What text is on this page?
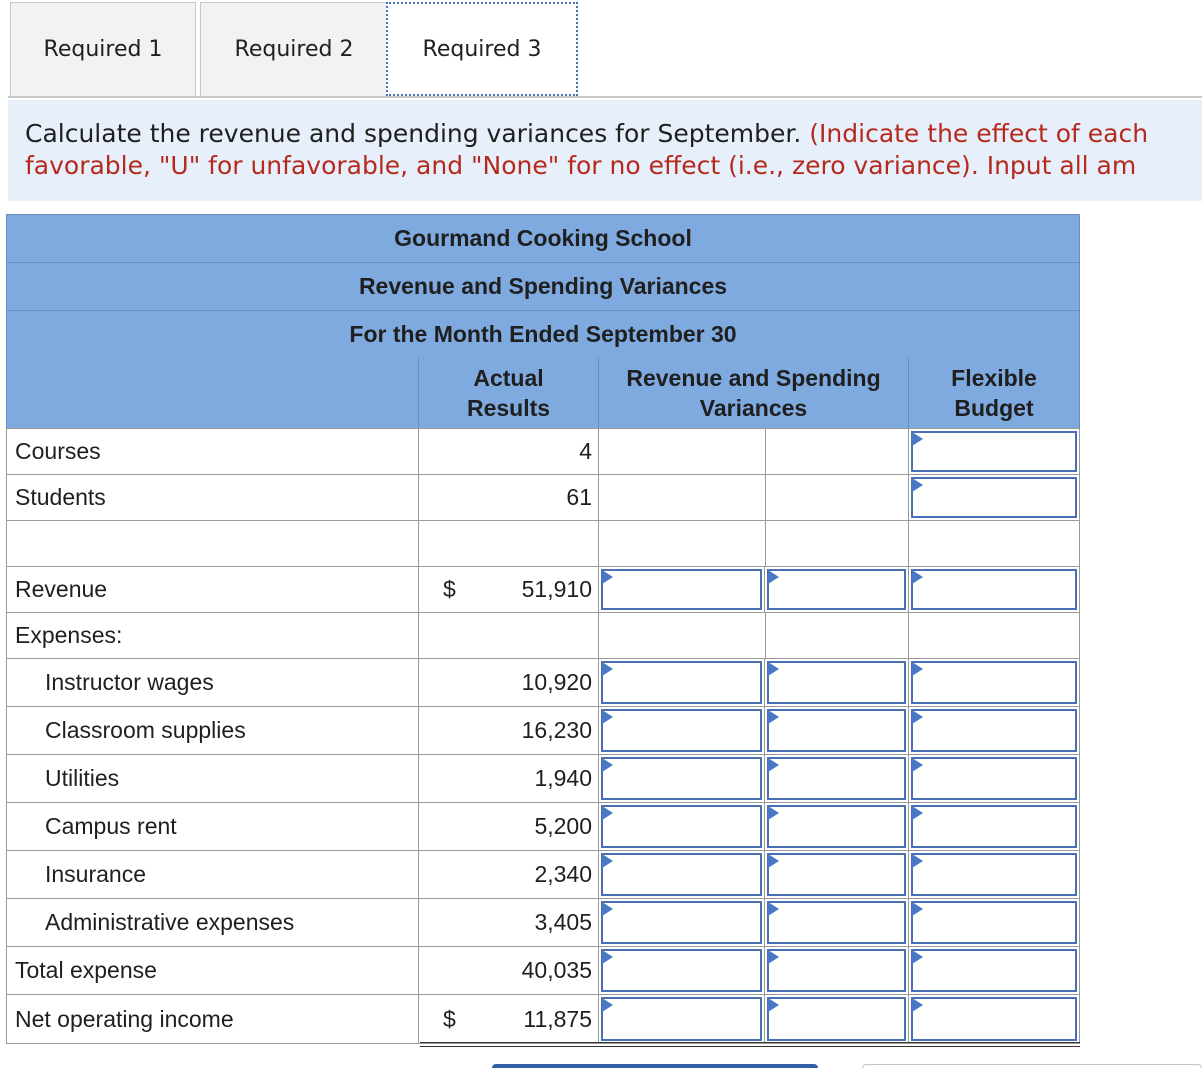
Required 1	Required 2	Required 3
Calculate the revenue and spending variances for September. (Indicate the effect of each
favorable, "U" for unfavorable, and "None" for no effect (i.e., zero variance). Input all am
Gourmand Cooking School
Revenue and Spending Variances
For the Month Ended September 30
Actual Results
Revenue and Spending Variances
Flexible Budget
Courses	4
Students	61
Revenue	$	51,910
Expenses:
Instructor wages	10,920
Classroom supplies	16,230
Utilities	1,940
Campus rent	5,200
Insurance	2,340
Administrative expenses	3,405
Total expense	40,035
Net operating income	$	11,875
